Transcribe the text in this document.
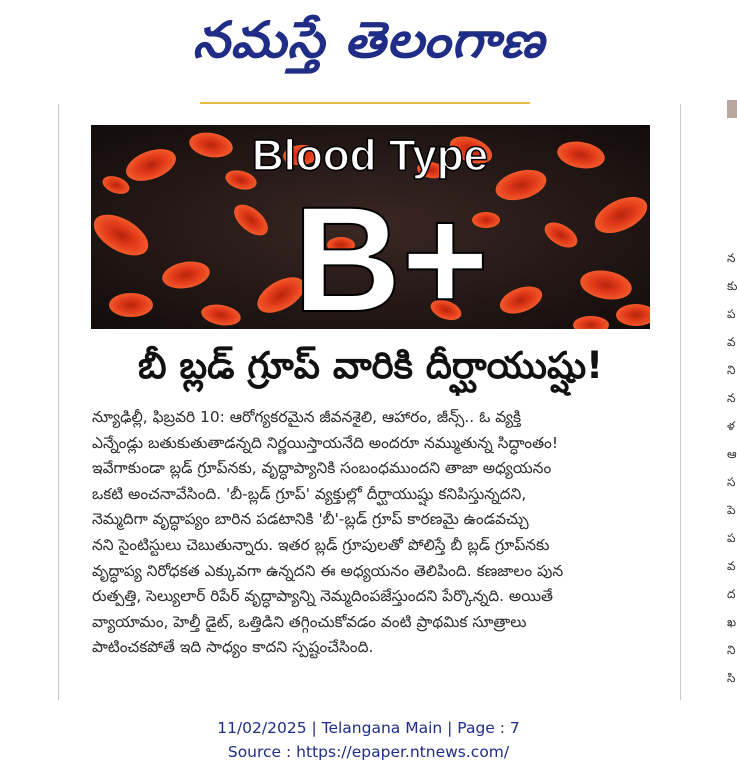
నమస్తే తెలంగాణ
Blood Type
B+
బీ బ్లడ్ గ్రూప్ వారికి దీర్ఘాయుష్షు!
న్యూఢిల్లీ, ఫిబ్రవరి 10: ఆరోగ్యకరమైన జీవనశైలి, ఆహారం, జీన్స్.. ఓ వ్యక్తి
ఎన్నేండ్లు బతుకుతుతాడన్నది నిర్ణయిస్తాయనేది అందరూ నమ్ముతున్న సిద్ధాంతం!
ఇవేగాకుండా బ్లడ్ గ్రూప్‌నకు, వృద్ధాప్యానికి సంబంధముందని తాజా అధ్యయనం
ఒకటి అంచనావేసింది. 'బీ-బ్లడ్ గ్రూప్' వ్యక్తుల్లో దీర్ఘాయుష్షు కనిపిస్తున్నదని,
నెమ్మదిగా వృద్ధాప్యం బారిన పడటానికి 'బీ'-బ్లడ్ గ్రూప్ కారణమై ఉండవచ్చు
నని సైంటిస్టులు చెబుతున్నారు. ఇతర బ్లడ్ గ్రూపులతో పోలిస్తే బీ బ్లడ్ గ్రూప్‌నకు
వృద్ధాప్య నిరోధకత ఎక్కువగా ఉన్నదని ఈ అధ్యయనం తెలిపింది. కణజాలం పున
రుత్పత్తి, సెల్యులార్ రిపేర్ వృద్ధాప్యాన్ని నెమ్మదింపజేస్తుందని పేర్కొన్నది. అయితే
వ్యాయామం, హెల్తీ డైట్, ఒత్తిడిని తగ్గించుకోవడం వంటి ప్రాథమిక సూత్రాలు
పాటించకపోతే ఇది సాధ్యం కాదని స్పష్టంచేసింది.
న
కు
ప
వ
ని
న
ళ
ఆ
స
పె
ప
వ
ద
ఖ
ని
సి
11/02/2025 | Telangana Main | Page : 7
Source : https://epaper.ntnews.com/
